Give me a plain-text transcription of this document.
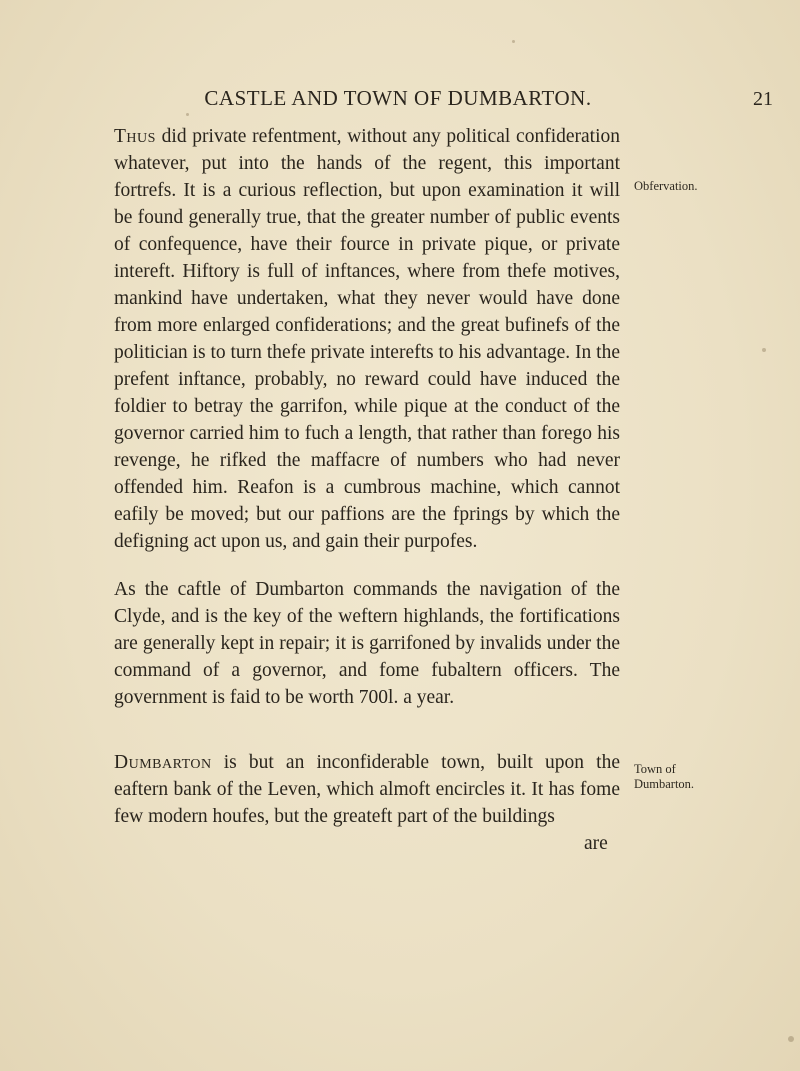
CASTLE AND TOWN OF DUMBARTON.	21

Thus did private refentment, without any political confideration whatever, put into the hands of the regent, this important fortrefs. It is a curious reflection, but upon examination it will be found generally true, that the greater number of public events of confequence, have their fource in private pique, or private intereft. Hiftory is full of inftances, where from thefe motives, mankind have undertaken, what they never would have done from more enlarged confiderations; and the great bufinefs of the politician is to turn thefe private interefts to his advantage. In the prefent inftance, probably, no reward could have induced the foldier to betray the garrifon, while pique at the conduct of the governor carried him to fuch a length, that rather than forego his revenge, he rifked the maffacre of numbers who had never offended him. Reafon is a cumbrous machine, which cannot eafily be moved; but our paffions are the fprings by which the defigning act upon us, and gain their purpofes.

Obfervation.

As the caftle of Dumbarton commands the navigation of the Clyde, and is the key of the weftern highlands, the fortifications are generally kept in repair; it is garrifoned by invalids under the command of a governor, and fome fubaltern officers. The government is faid to be worth 700l. a year.

Dumbarton is but an inconfiderable town, built upon the eaftern bank of the Leven, which almoft encircles it. It has fome few modern houfes, but the greateft part of the buildings

Town of
Dumbarton.
are
